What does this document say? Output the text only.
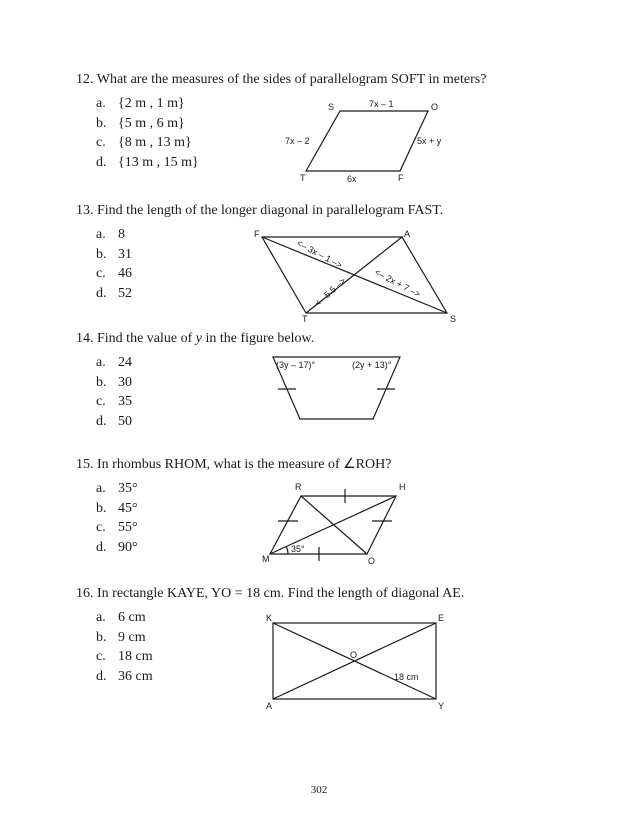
12. What are the measures of the sides of parallelogram SOFT in meters?
a. {2 m , 1 m}
b. {5 m , 6 m}
c. {8 m , 13 m}
d. {13 m , 15 m}
S	O
F
T
7x – 1
7x – 2	5x + y
6x
13. Find the length of the longer diagonal in parallelogram FAST.
a. 8
b. 31
c. 46
d. 52
F	A
S
T
<– 3x – 1 –>
<– 2x + 7 –>
<– 5.5 –>
14. Find the value of y in the figure below.
a. 24
b. 30
c. 35
d. 50
(3y – 17)°	(2y + 13)°
15. In rhombus RHOM, what is the measure of ∠ROH?
a. 35°
b. 45°
c. 55°
d. 90°
R	H
O
M
35°
16. In rectangle KAYE, YO = 18 cm. Find the length of diagonal AE.
a. 6 cm
b. 9 cm
c. 18 cm
d. 36 cm
K	E
A	Y
O
18 cm
302
